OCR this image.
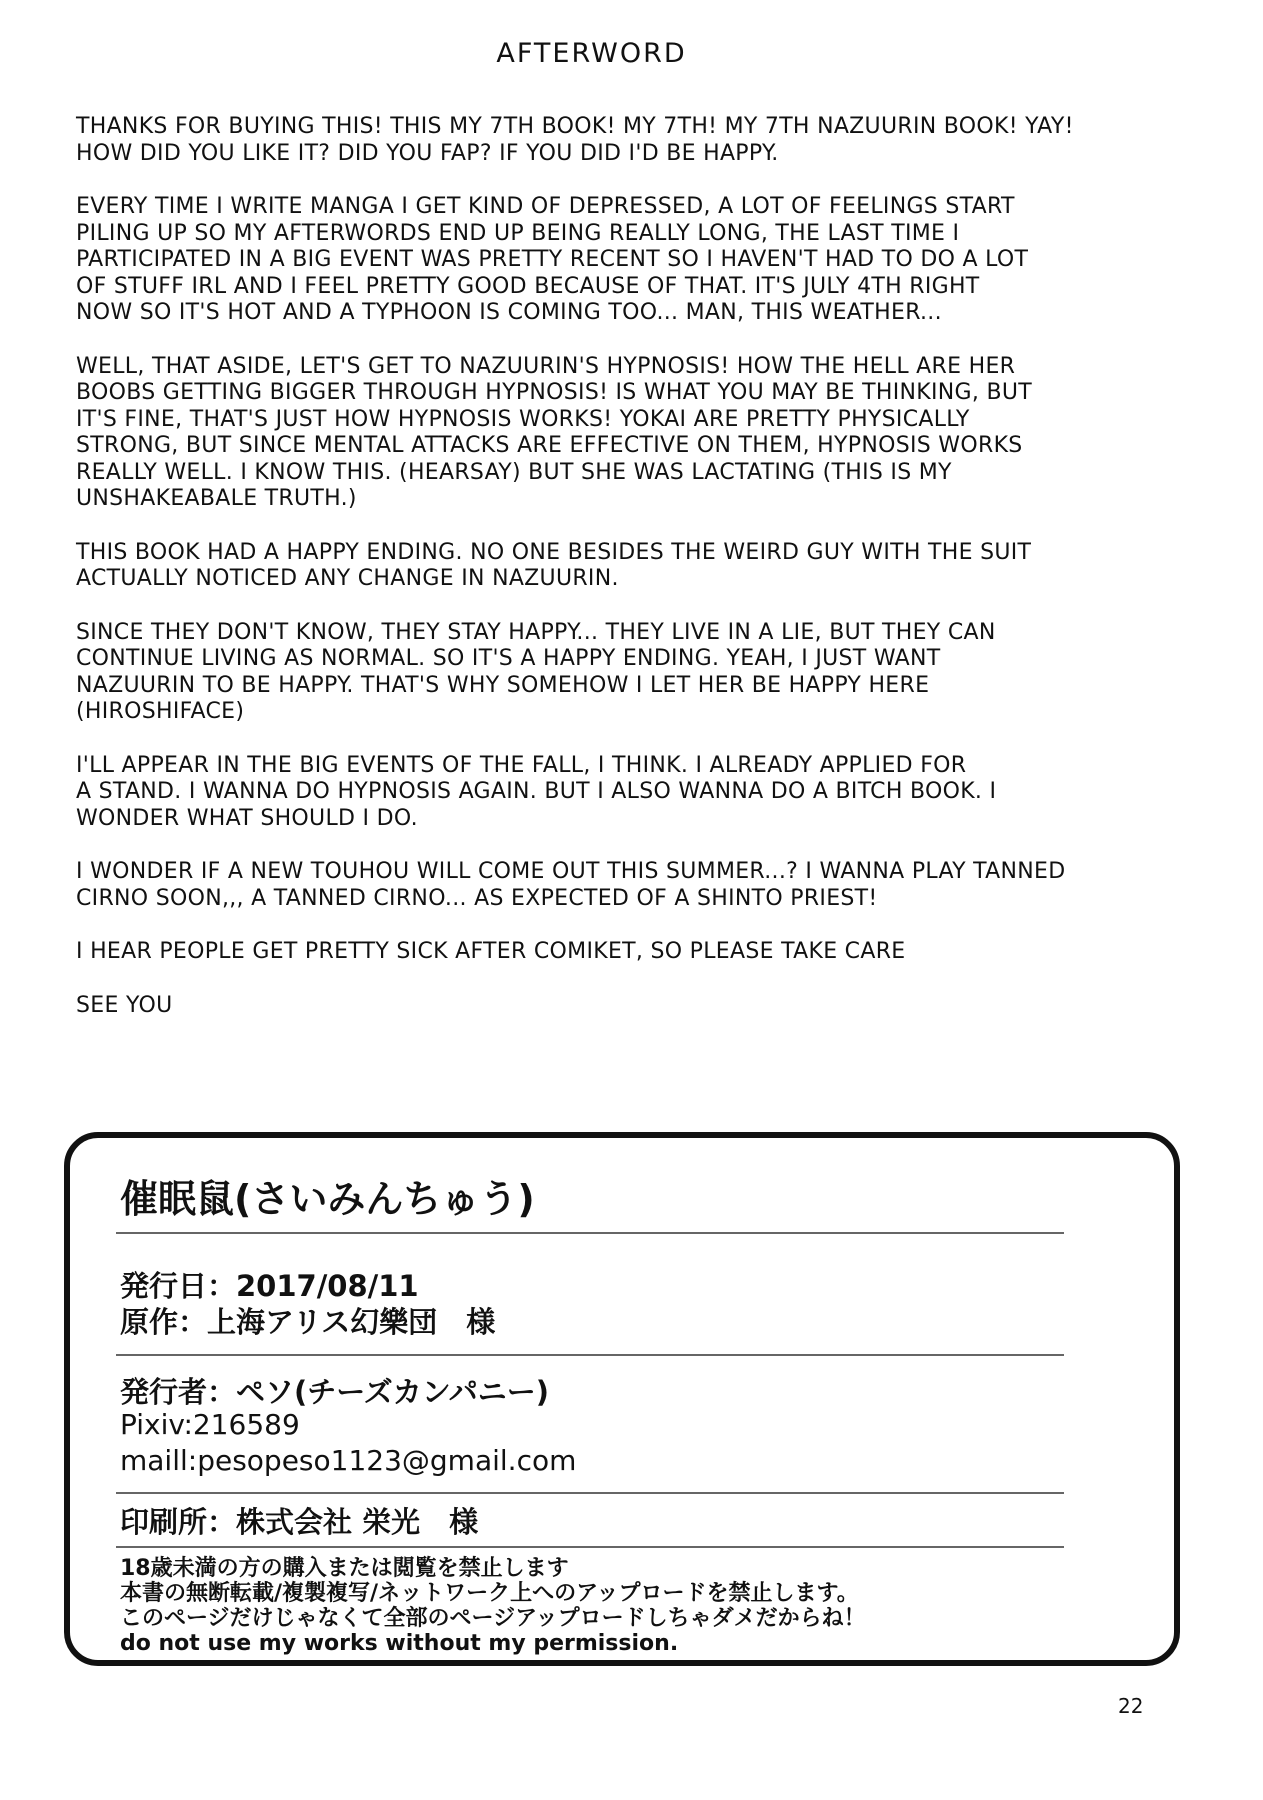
AFTERWORD

THANKS FOR BUYING THIS! THIS MY 7TH BOOK! MY 7TH! MY 7TH NAZUURIN BOOK! YAY!
HOW DID YOU LIKE IT? DID YOU FAP? IF YOU DID I'D BE HAPPY.

EVERY TIME I WRITE MANGA I GET KIND OF DEPRESSED, A LOT OF FEELINGS START
PILING UP SO MY AFTERWORDS END UP BEING REALLY LONG, THE LAST TIME I
PARTICIPATED IN A BIG EVENT WAS PRETTY RECENT SO I HAVEN'T HAD TO DO A LOT
OF STUFF IRL AND I FEEL PRETTY GOOD BECAUSE OF THAT. IT'S JULY 4TH RIGHT
NOW SO IT'S HOT AND A TYPHOON IS COMING TOO... MAN, THIS WEATHER...

WELL, THAT ASIDE, LET'S GET TO NAZUURIN'S HYPNOSIS! HOW THE HELL ARE HER
BOOBS GETTING BIGGER THROUGH HYPNOSIS! IS WHAT YOU MAY BE THINKING, BUT
IT'S FINE, THAT'S JUST HOW HYPNOSIS WORKS! YOKAI ARE PRETTY PHYSICALLY
STRONG, BUT SINCE MENTAL ATTACKS ARE EFFECTIVE ON THEM, HYPNOSIS WORKS
REALLY WELL. I KNOW THIS. (HEARSAY) BUT SHE WAS LACTATING (THIS IS MY
UNSHAKEABALE TRUTH.)

THIS BOOK HAD A HAPPY ENDING. NO ONE BESIDES THE WEIRD GUY WITH THE SUIT
ACTUALLY NOTICED ANY CHANGE IN NAZUURIN.

SINCE THEY DON'T KNOW, THEY STAY HAPPY... THEY LIVE IN A LIE, BUT THEY CAN
CONTINUE LIVING AS NORMAL. SO IT'S A HAPPY ENDING. YEAH, I JUST WANT
NAZUURIN TO BE HAPPY. THAT'S WHY SOMEHOW I LET HER BE HAPPY HERE
(HIROSHIFACE)

I'LL APPEAR IN THE BIG EVENTS OF THE FALL, I THINK. I ALREADY APPLIED FOR
A STAND. I WANNA DO HYPNOSIS AGAIN. BUT I ALSO WANNA DO A BITCH BOOK. I
WONDER WHAT SHOULD I DO.

I WONDER IF A NEW TOUHOU WILL COME OUT THIS SUMMER...? I WANNA PLAY TANNED
CIRNO SOON,,, A TANNED CIRNO... AS EXPECTED OF A SHINTO PRIEST!

I HEAR PEOPLE GET PRETTY SICK AFTER COMIKET, SO PLEASE TAKE CARE

SEE YOU

催眠鼠(さいみんちゅう)
発行日：2017/08/11
原作：上海アリス幻樂団　様
発行者：ペソ(チーズカンパニー)
Pixiv:216589
maill:pesopeso1123@gmail.com
印刷所：株式会社 栄光　様
18歳未満の方の購入または閲覧を禁止します
本書の無断転載/複製複写/ネットワーク上へのアップロードを禁止します。
このページだけじゃなくて全部のページアップロードしちゃダメだからね！
do not use my works without my permission.
22
